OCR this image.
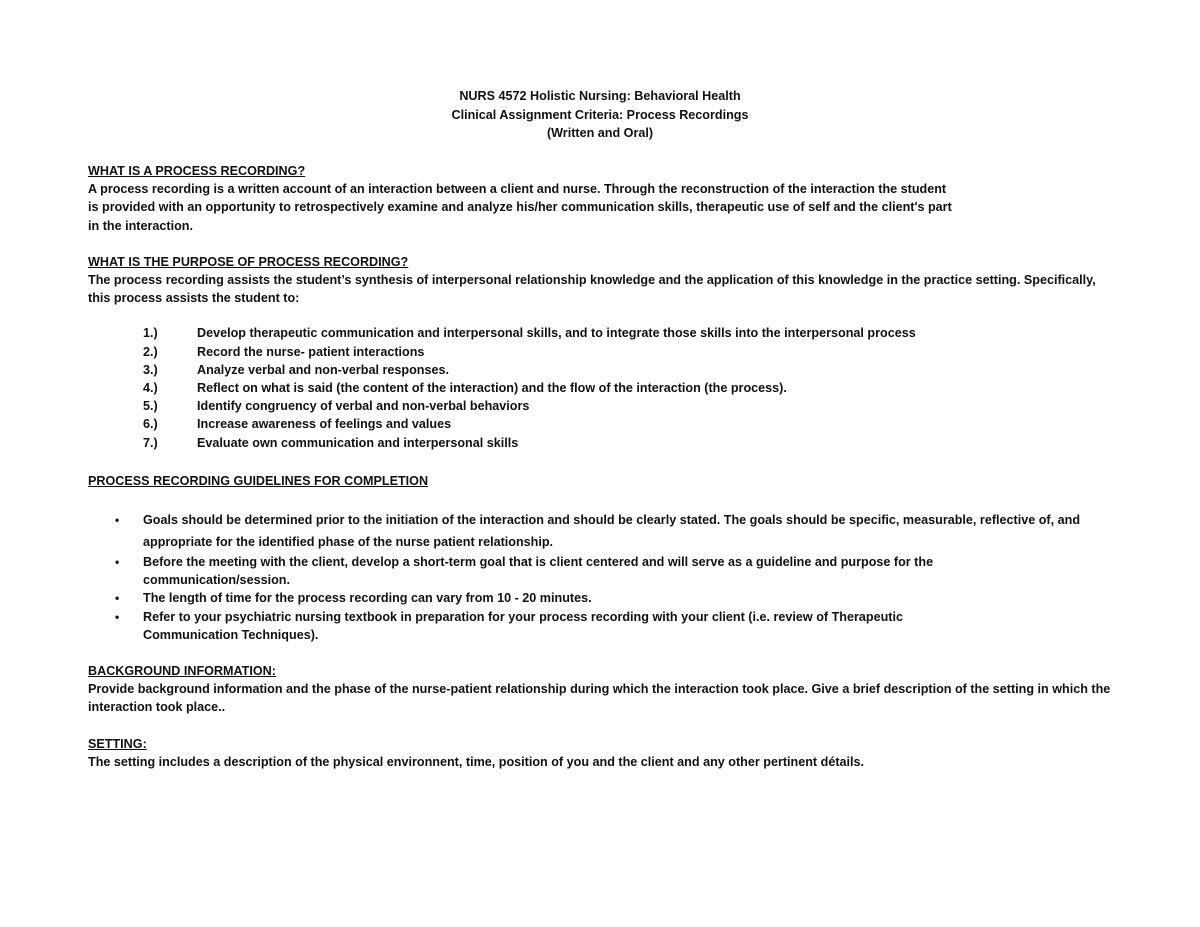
NURS 4572 Holistic Nursing: Behavioral Health
Clinical Assignment Criteria: Process Recordings
(Written and Oral)

WHAT IS A PROCESS RECORDING?

A process recording is a written account of an interaction between a client and nurse. Through the reconstruction of the interaction the student is provided with an opportunity to retrospectively examine and analyze his/her communication skills, therapeutic use of self and the client's part in the interaction.

WHAT IS THE PURPOSE OF PROCESS RECORDING?

The process recording assists the student’s synthesis of interpersonal relationship knowledge and the application of this knowledge in the practice setting. Specifically, this process assists the student to:

1.)	Develop therapeutic communication and interpersonal skills, and to integrate those skills into the interpersonal process
2.)	Record the nurse- patient interactions
3.)	Analyze verbal and non-verbal responses.
4.)	Reflect on what is said (the content of the interaction) and the flow of the interaction (the process).
5.)	Identify congruency of verbal and non-verbal behaviors
6.)	Increase awareness of feelings and values
7.)	Evaluate own communication and interpersonal skills

PROCESS RECORDING GUIDELINES FOR COMPLETION

• Goals should be determined prior to the initiation of the interaction and should be clearly stated. The goals should be specific, measurable, reflective of, and appropriate for the identified phase of the nurse patient relationship.
• Before the meeting with the client, develop a short-term goal that is client centered and will serve as a guideline and purpose for the communication/session.
• The length of time for the process recording can vary from 10 - 20 minutes.
• Refer to your psychiatric nursing textbook in preparation for your process recording with your client (i.e. review of Therapeutic Communication Techniques).

BACKGROUND INFORMATION:

Provide background information and the phase of the nurse-patient relationship during which the interaction took place. Give a brief description of the setting in which the interaction took place..

SETTING:

The setting includes a description of the physical environnent, time, position of you and the client and any other pertinent détails.
